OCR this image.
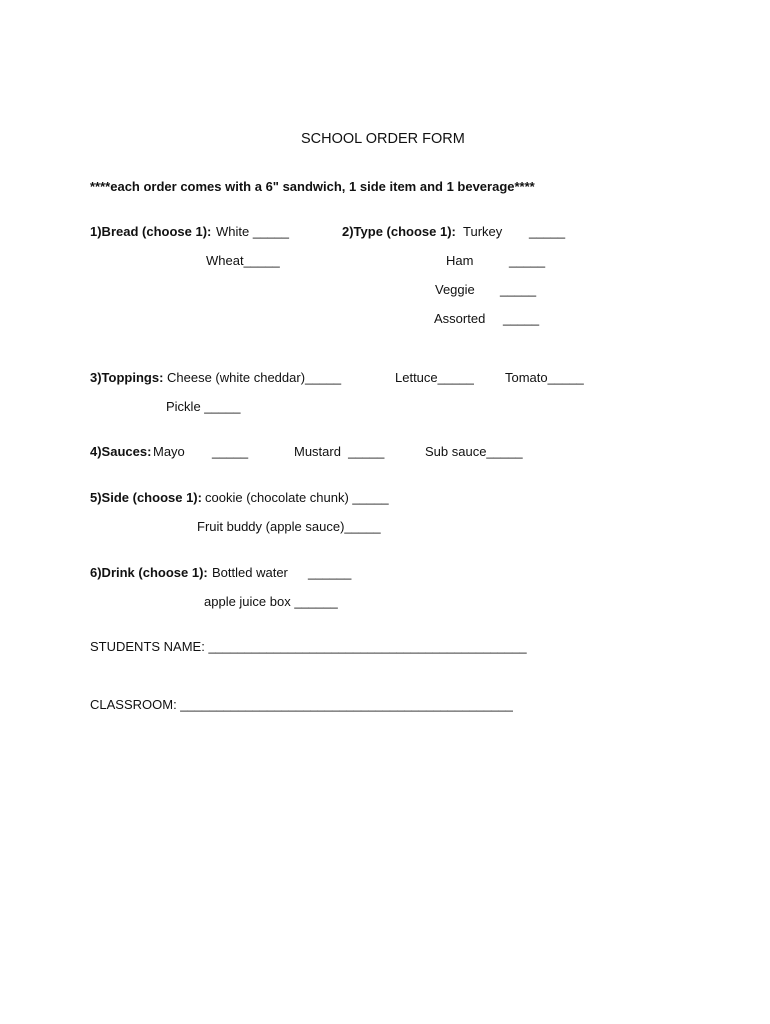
SCHOOL ORDER FORM
****each order comes with a 6" sandwich, 1 side item and 1 beverage****
1)Bread (choose 1): White _____
Wheat_____
2)Type (choose 1): Turkey _____
Ham	_____
Veggie _____
Assorted _____
3)Toppings: Cheese (white cheddar)_____	Lettuce_____ Tomato_____
Pickle _____
4)Sauces: Mayo _____	Mustard  _____	Sub sauce_____
5)Side (choose 1): cookie (chocolate chunk) _____
Fruit buddy (apple sauce)_____
6)Drink (choose 1): Bottled water ______
apple juice box ______
STUDENTS NAME: ____________________________________________
CLASSROOM: ______________________________________________
